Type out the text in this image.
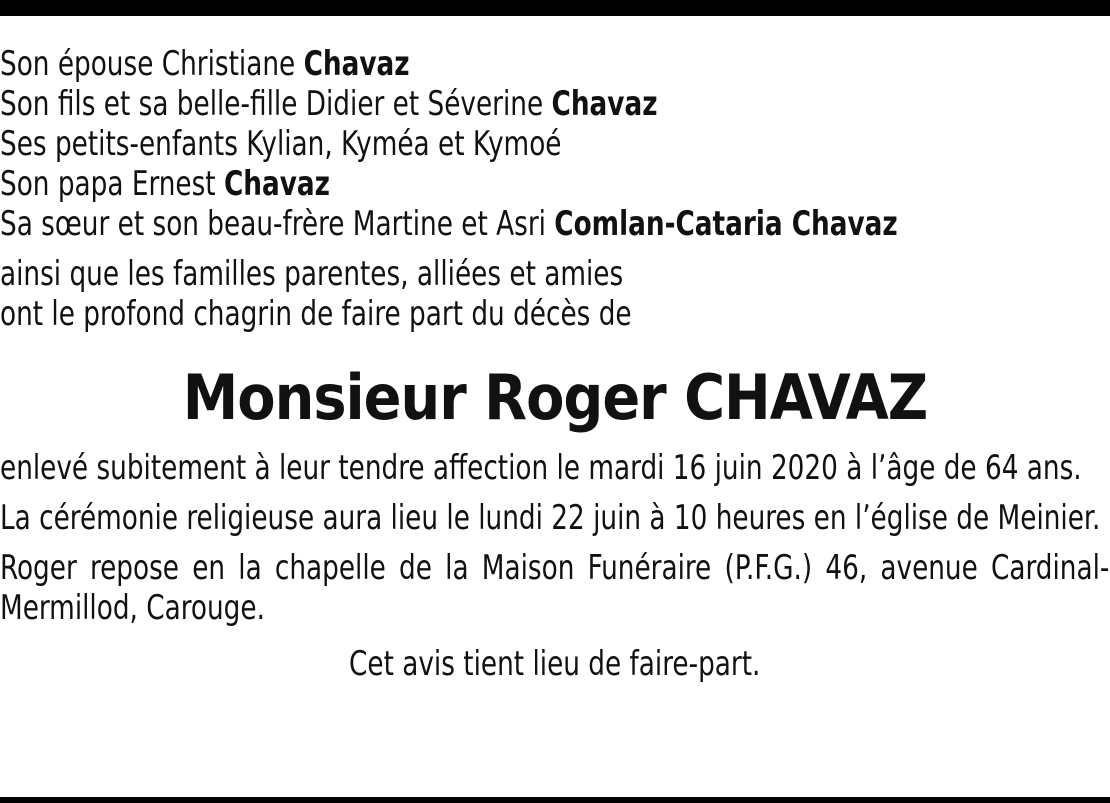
Son épouse Christiane Chavaz
Son fils et sa belle-fille Didier et Séverine Chavaz
Ses petits-enfants Kylian, Kyméa et Kymoé
Son papa Ernest Chavaz
Sa sœur et son beau-frère Martine et Asri Comlan-Cataria Chavaz
ainsi que les familles parentes, alliées et amies
ont le profond chagrin de faire part du décès de
Monsieur Roger CHAVAZ
enlevé subitement à leur tendre affection le mardi 16 juin 2020 à l’âge de 64 ans.
La cérémonie religieuse aura lieu le lundi 22 juin à 10 heures en l’église de Meinier.
Roger repose en la chapelle de la Maison Funéraire (P.F.G.) 46, avenue Cardinal-Mermillod, Carouge.
Cet avis tient lieu de faire-part.
